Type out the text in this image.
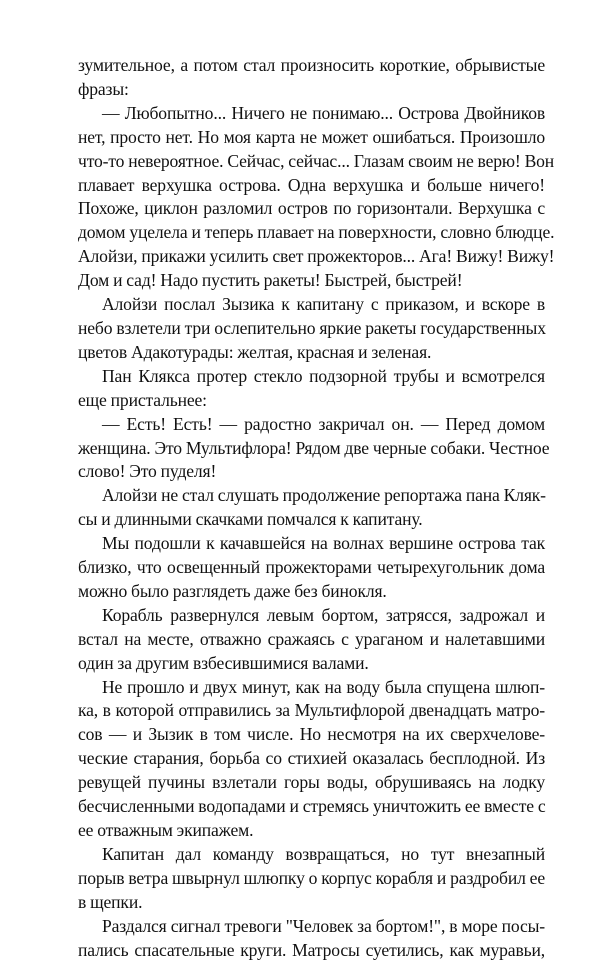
зумительное, а потом стал произносить короткие, обрывистые
фразы:

— Любопытно... Ничего не понимаю... Острова Двойников
нет, просто нет. Но моя карта не может ошибаться. Произошло
что-то невероятное. Сейчас, сейчас... Глазам своим не верю! Вон
плавает верхушка острова. Одна верхушка и больше ничего!
Похоже, циклон разломил остров по горизонтали. Верхушка с
домом уцелела и теперь плавает на поверхности, словно блюдце.
Алойзи, прикажи усилить свет прожекторов... Ага! Вижу! Вижу!
Дом и сад! Надо пустить ракеты! Быстрей, быстрей!

Алойзи послал Зызика к капитану с приказом, и вскоре в
небо взлетели три ослепительно яркие ракеты государственных
цветов Адакотурады: желтая, красная и зеленая.

Пан Клякса протер стекло подзорной трубы и всмотрелся
еще пристальнее:

— Есть! Есть! — радостно закричал он. — Перед домом
женщина. Это Мультифлора! Рядом две черные собаки. Честное
слово! Это пуделя!

Алойзи не стал слушать продолжение репортажа пана Кляк-
сы и длинными скачками помчался к капитану.

Мы подошли к качавшейся на волнах вершине острова так
близко, что освещенный прожекторами четырехугольник дома
можно было разглядеть даже без бинокля.

Корабль развернулся левым бортом, затрясся, задрожал и
встал на месте, отважно сражаясь с ураганом и налетавшими
один за другим взбесившимися валами.

Не прошло и двух минут, как на воду была спущена шлюп-
ка, в которой отправились за Мультифлорой двенадцать матро-
сов — и Зызик в том числе. Но несмотря на их сверхчелове-
ческие старания, борьба со стихией оказалась бесплодной. Из
ревущей пучины взлетали горы воды, обрушиваясь на лодку
бесчисленными водопадами и стремясь уничтожить ее вместе с
ее отважным экипажем.

Капитан дал команду возвращаться, но тут внезапный
порыв ветра швырнул шлюпку о корпус корабля и раздробил ее
в щепки.

Раздался сигнал тревоги "Человек за бортом!", в море посы-
пались спасательные круги. Матросы суетились, как муравьи,
